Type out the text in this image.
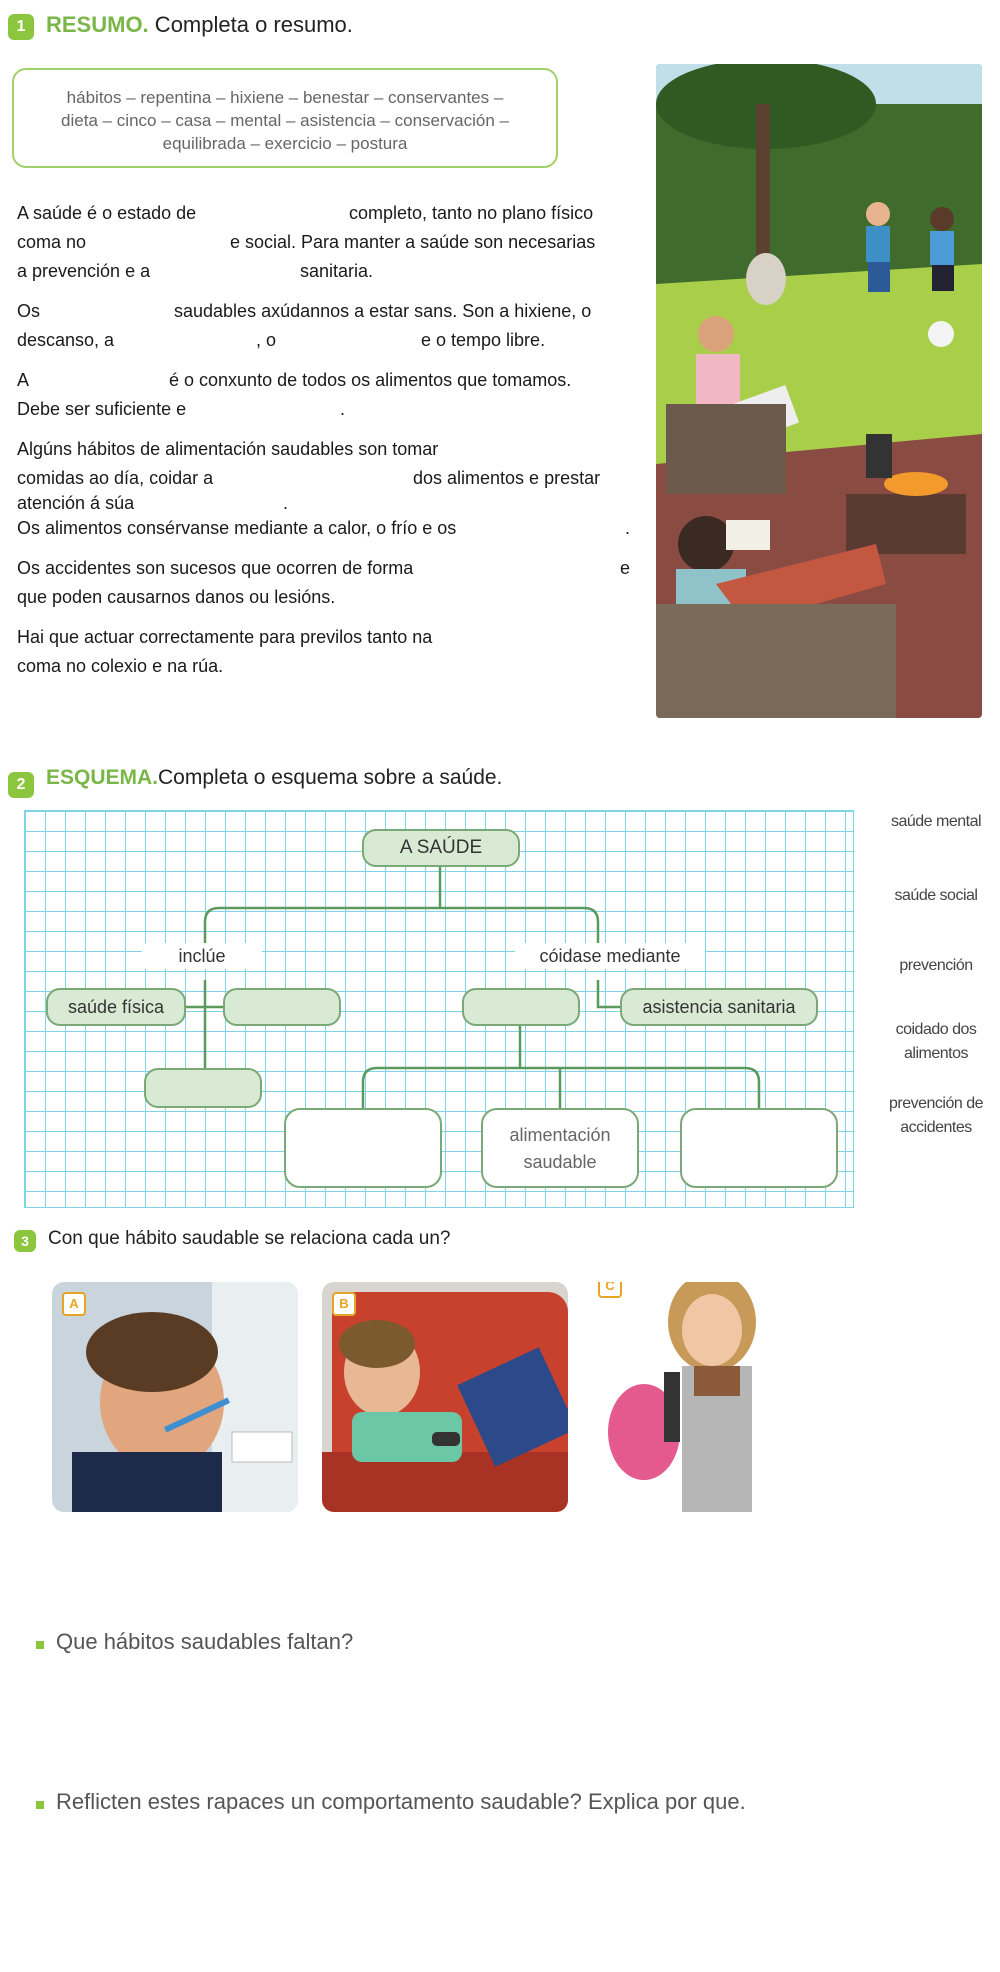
1 RESUMO. Completa o resumo.
hábitos – repentina – hixiene – benestar – conservantes –
dieta – cinco – casa – mental – asistencia – conservación –
equilibrada – exercicio – postura
A saúde é o estado de	completo, tanto no plano físico
coma no	e social. Para manter a saúde son necesarias
a prevención e a	sanitaria.
Os	saudables axúdannos a estar sans. Son a hixiene, o
descanso, a	, o	e o tempo libre.
A	é o conxunto de todos os alimentos que tomamos.
Debe ser suficiente e	.
Algúns hábitos de alimentación saudables son tomar
comidas ao día, coidar a	dos alimentos e prestar
atención á súa	.
Os alimentos consérvanse mediante a calor, o frío e os	.
Os accidentes son sucesos que ocorren de forma	e
que poden causarnos danos ou lesións.
Hai que actuar correctamente para previlos tanto na
coma no colexio e na rúa.
2 ESQUEMA.Completa o esquema sobre a saúde.
A SAÚDE
inclúe	cóidase mediante
saúde física	asistencia sanitaria
alimentación
saudable
saúde mental
saúde social
prevención
coidado dos
alimentos
prevención de
accidentes
3	Con que hábito saudable se relaciona cada un?
A	B
C
Que hábitos saudables faltan?
Reflicten estes rapaces un comportamento saudable? Explica por que.
